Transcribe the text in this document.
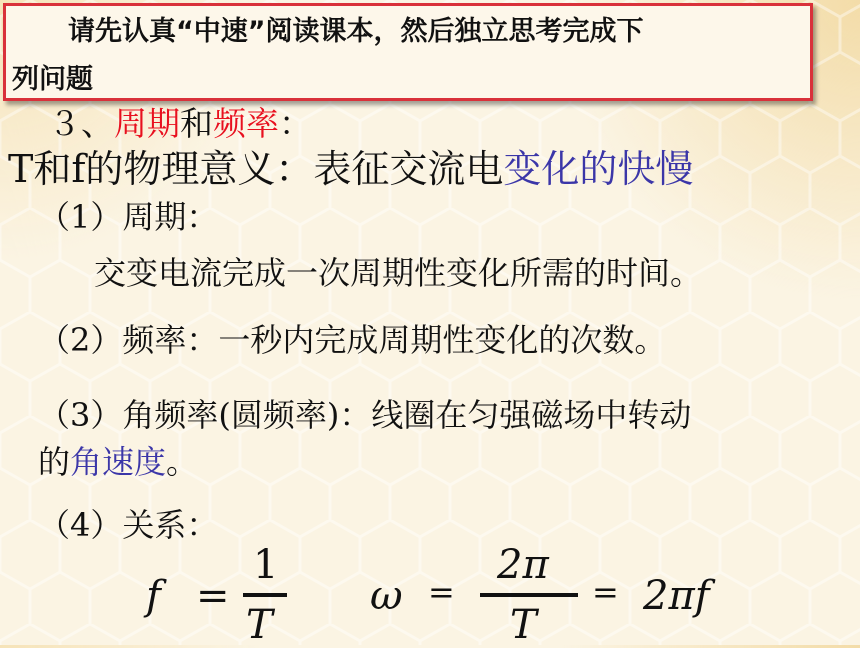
请先认真“中速”阅读课本，然后独立思考完成下
列问题
３、周期和频率：
T和f的物理意义：表征交流电变化的快慢
（1）周期：
交变电流完成一次周期性变化所需的时间。
（2）频率：一秒内完成周期性变化的次数。
（3）角频率(圆频率)：线圈在匀强磁场中转动
的角速度。
（4）关系：
f =
1
T
ω =
2π
T
= 2πf
